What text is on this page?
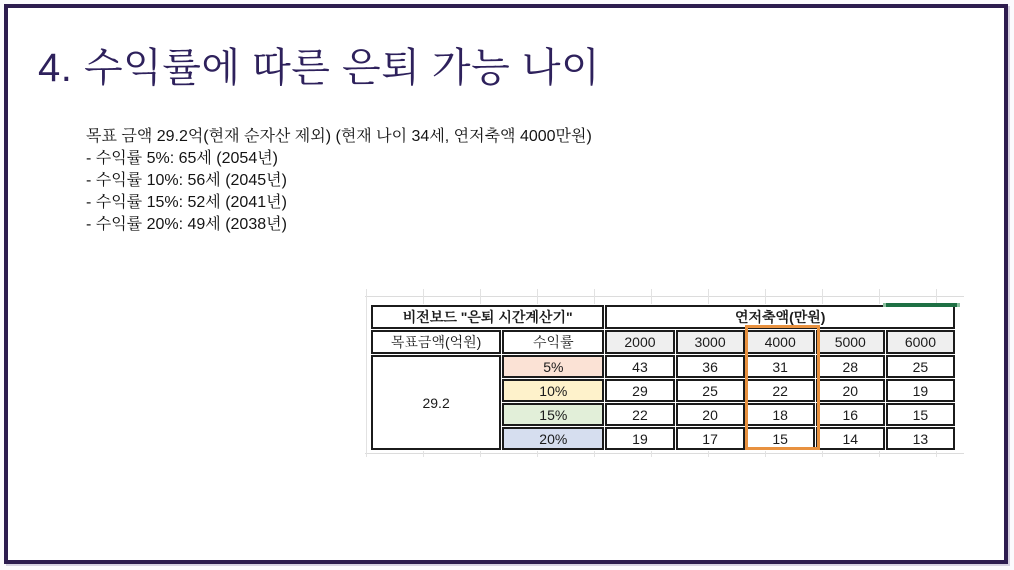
4. 수익률에 따른 은퇴 가능 나이
목표 금액 29.2억(현재 순자산 제외) (현재 나이 34세, 연저축액 4000만원)
- 수익률 5%: 65세 (2054년)
- 수익률 10%: 56세 (2045년)
- 수익률 15%: 52세 (2041년)
- 수익률 20%: 49세 (2038년)
비전보드 "은퇴 시간계산기"		연저축액(만원)				
목표금액(억원)	수익률	2000	3000	4000	5000	6000
29.2	5%	43	36	31	28	25
	10%	29	25	22	20	19
	15%	22	20	18	16	15
	20%	19	17	15	14	13
